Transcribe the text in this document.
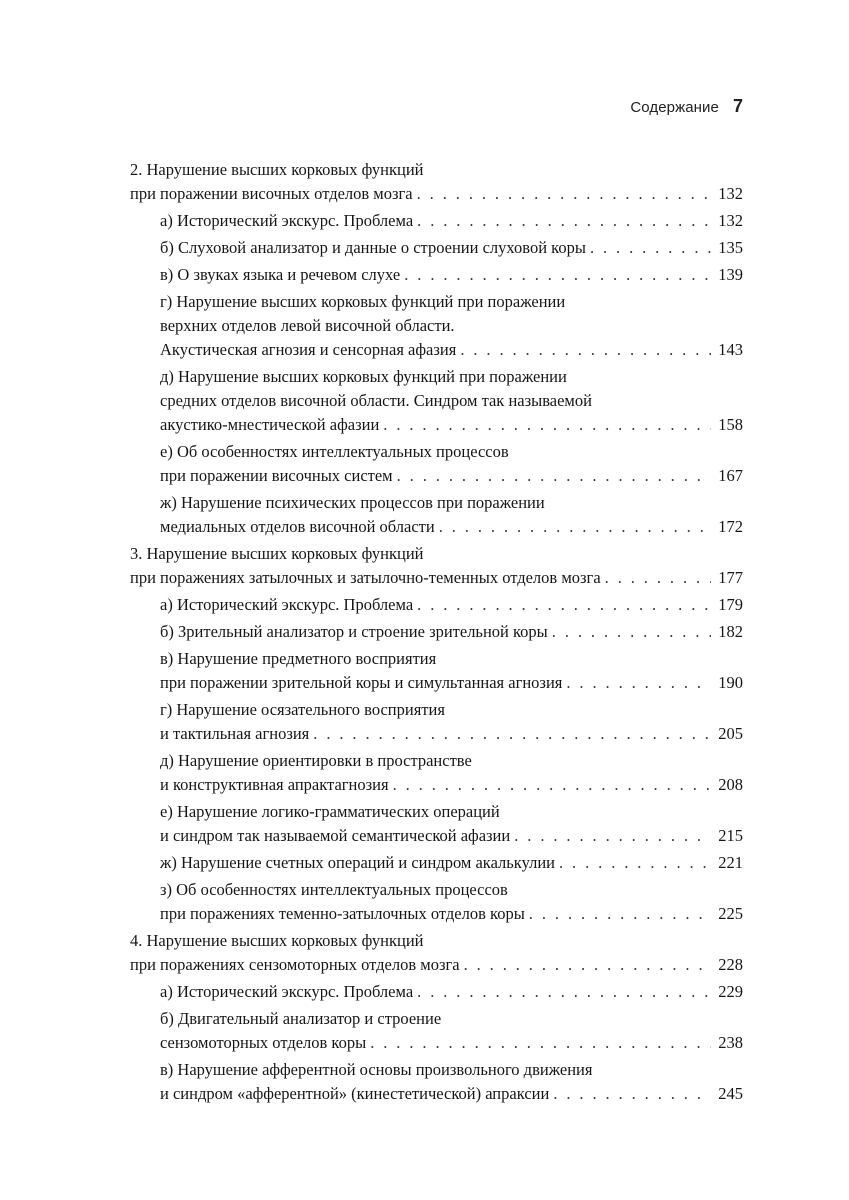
Содержание 7
2. Нарушение высших корковых функций
при поражении височных отделов мозга . . .	132
а) Исторический экскурс. Проблема . . .	132
б) Слуховой анализатор и данные о строении слуховой коры . . .	135
в) О звуках языка и речевом слухе . . .	139
г) Нарушение высших корковых функций при поражении
верхних отделов левой височной области.
Акустическая агнозия и сенсорная афазия . . .	143
д) Нарушение высших корковых функций при поражении
средних отделов височной области. Синдром так называемой
акустико-мнестической афазии . . .	158
е) Об особенностях интеллектуальных процессов
при поражении височных систем . . .	167
ж) Нарушение психических процессов при поражении
медиальных отделов височной области . . .	172
3. Нарушение высших корковых функций
при поражениях затылочных и затылочно-теменных отделов мозга . . .	177
а) Исторический экскурс. Проблема . . .	179
б) Зрительный анализатор и строение зрительной коры . . .	182
в) Нарушение предметного восприятия
при поражении зрительной коры и симультанная агнозия . . .	190
г) Нарушение осязательного восприятия
и тактильная агнозия . . .	205
д) Нарушение ориентировки в пространстве
и конструктивная апрактагнозия . . .	208
е) Нарушение логико-грамматических операций
и синдром так называемой семантической афазии . . .	215
ж) Нарушение счетных операций и синдром акалькулии . . .	221
з) Об особенностях интеллектуальных процессов
при поражениях теменно-затылочных отделов коры . . .	225
4. Нарушение высших корковых функций
при поражениях сензомоторных отделов мозга . . .	228
а) Исторический экскурс. Проблема . . .	229
б) Двигательный анализатор и строение
сензомоторных отделов коры . . .	238
в) Нарушение афферентной основы произвольного движения
и синдром «афферентной» (кинестетической) апраксии . . .	245
